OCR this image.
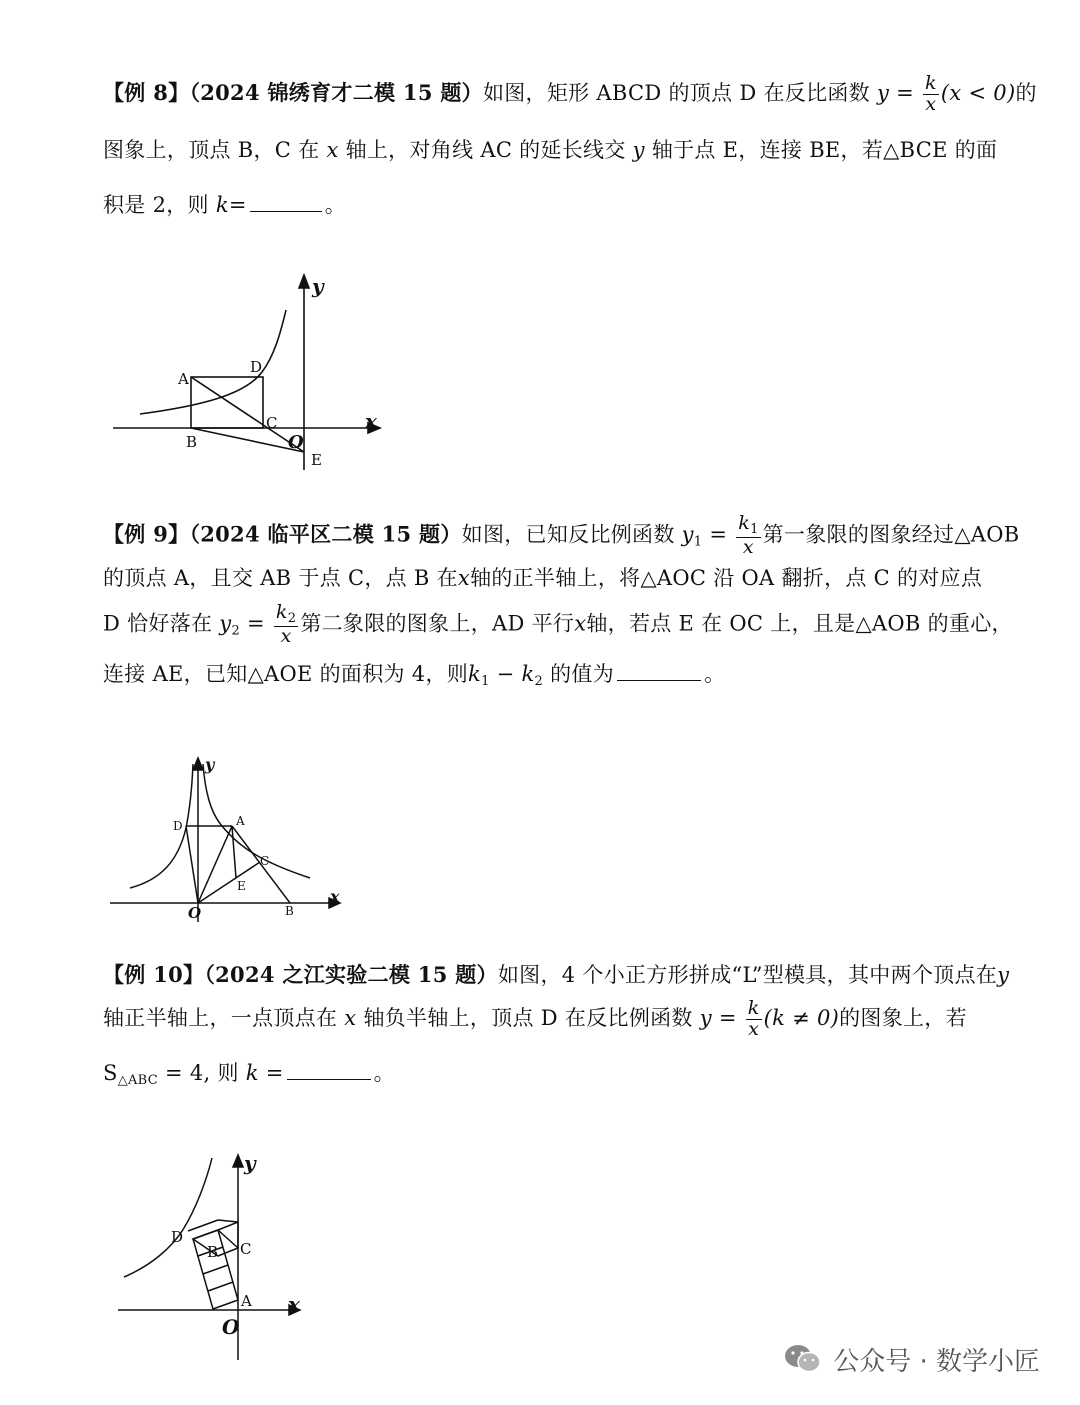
【例 8】（2024 锦绣育才二模 15 题）如图，矩形 ABCD 的顶点 D 在反比函数 $y = \frac{k}{x} (x < 0)$的
图象上，顶点 B，C 在 x 轴上，对角线 AC 的延长线交 y 轴于点 E，连接 BE，若△BCE 的面
积是 2，则 k=	。
A
B
C
D
E
O
x
y
【例 9】（2024 临平区二模 15 题）如图，已知反比例函数 $y_1 = \frac{k_1}{x}$ 第一象限的图象经过△AOB
的顶点 A，且交 AB 于点 C，点 B 在x轴的正半轴上，将△AOC 沿 OA 翻折，点 C 的对应点
D 恰好落在 $y_2 = \frac{k_2}{x}$ 第二象限的图象上，AD 平行x轴，若点 E 在 OC 上，且是△AOB 的重心，
连接 AE，已知△AOE 的面积为 4，则$k_1 - k_2$ 的值为	。
A
B
C
D
E
O
x
y
【例 10】（2024 之江实验二模 15 题）如图，4 个小正方形拼成“L”型模具，其中两个顶点在y
轴正半轴上，一点顶点在 x 轴负半轴上，顶点 D 在反比例函数 $y = \frac{k}{x} (k \ne 0)$的图象上，若
$S_{\triangle ABC} = 4$, 则 k =	。
D
B C
A
O
x
y
公众号 · 数学小匠
